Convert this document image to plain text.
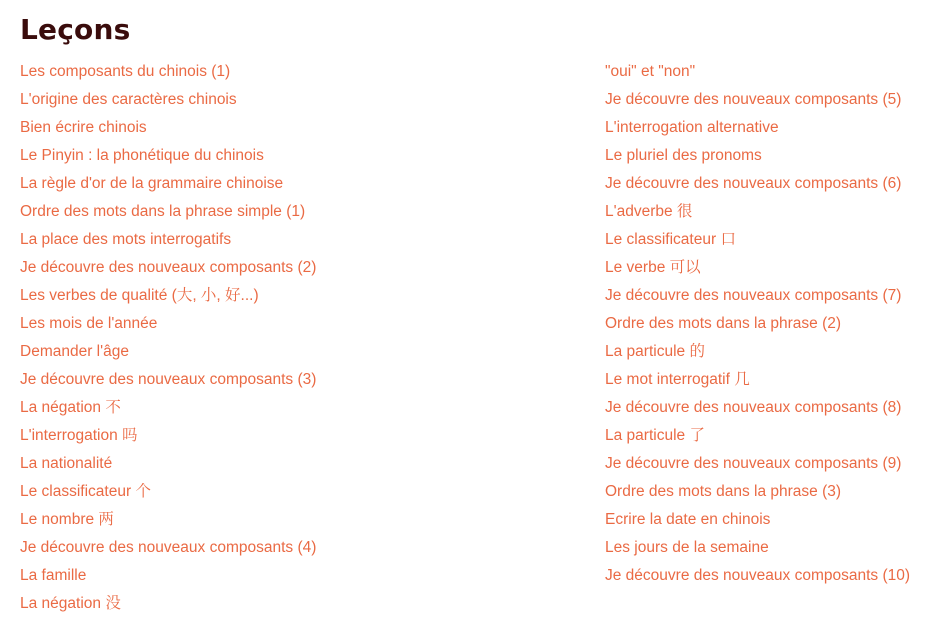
Leçons
Les composants du chinois (1)
L'origine des caractères chinois
Bien écrire chinois
Le Pinyin : la phonétique du chinois
La règle d'or de la grammaire chinoise
Ordre des mots dans la phrase simple (1)
La place des mots interrogatifs
Je découvre des nouveaux composants (2)
Les verbes de qualité (大, 小, 好...)
Les mois de l'année
Demander l'âge
Je découvre des nouveaux composants (3)
La négation 不
L'interrogation 吗
La nationalité
Le classificateur 个
Le nombre 两
Je découvre des nouveaux composants (4)
La famille
La négation 没
"oui" et "non"
Je découvre des nouveaux composants (5)
L'interrogation alternative
Le pluriel des pronoms
Je découvre des nouveaux composants (6)
L'adverbe 很
Le classificateur 口
Le verbe 可以
Je découvre des nouveaux composants (7)
Ordre des mots dans la phrase (2)
La particule 的
Le mot interrogatif 几
Je découvre des nouveaux composants (8)
La particule 了
Je découvre des nouveaux composants (9)
Ordre des mots dans la phrase (3)
Ecrire la date en chinois
Les jours de la semaine
Je découvre des nouveaux composants (10)
